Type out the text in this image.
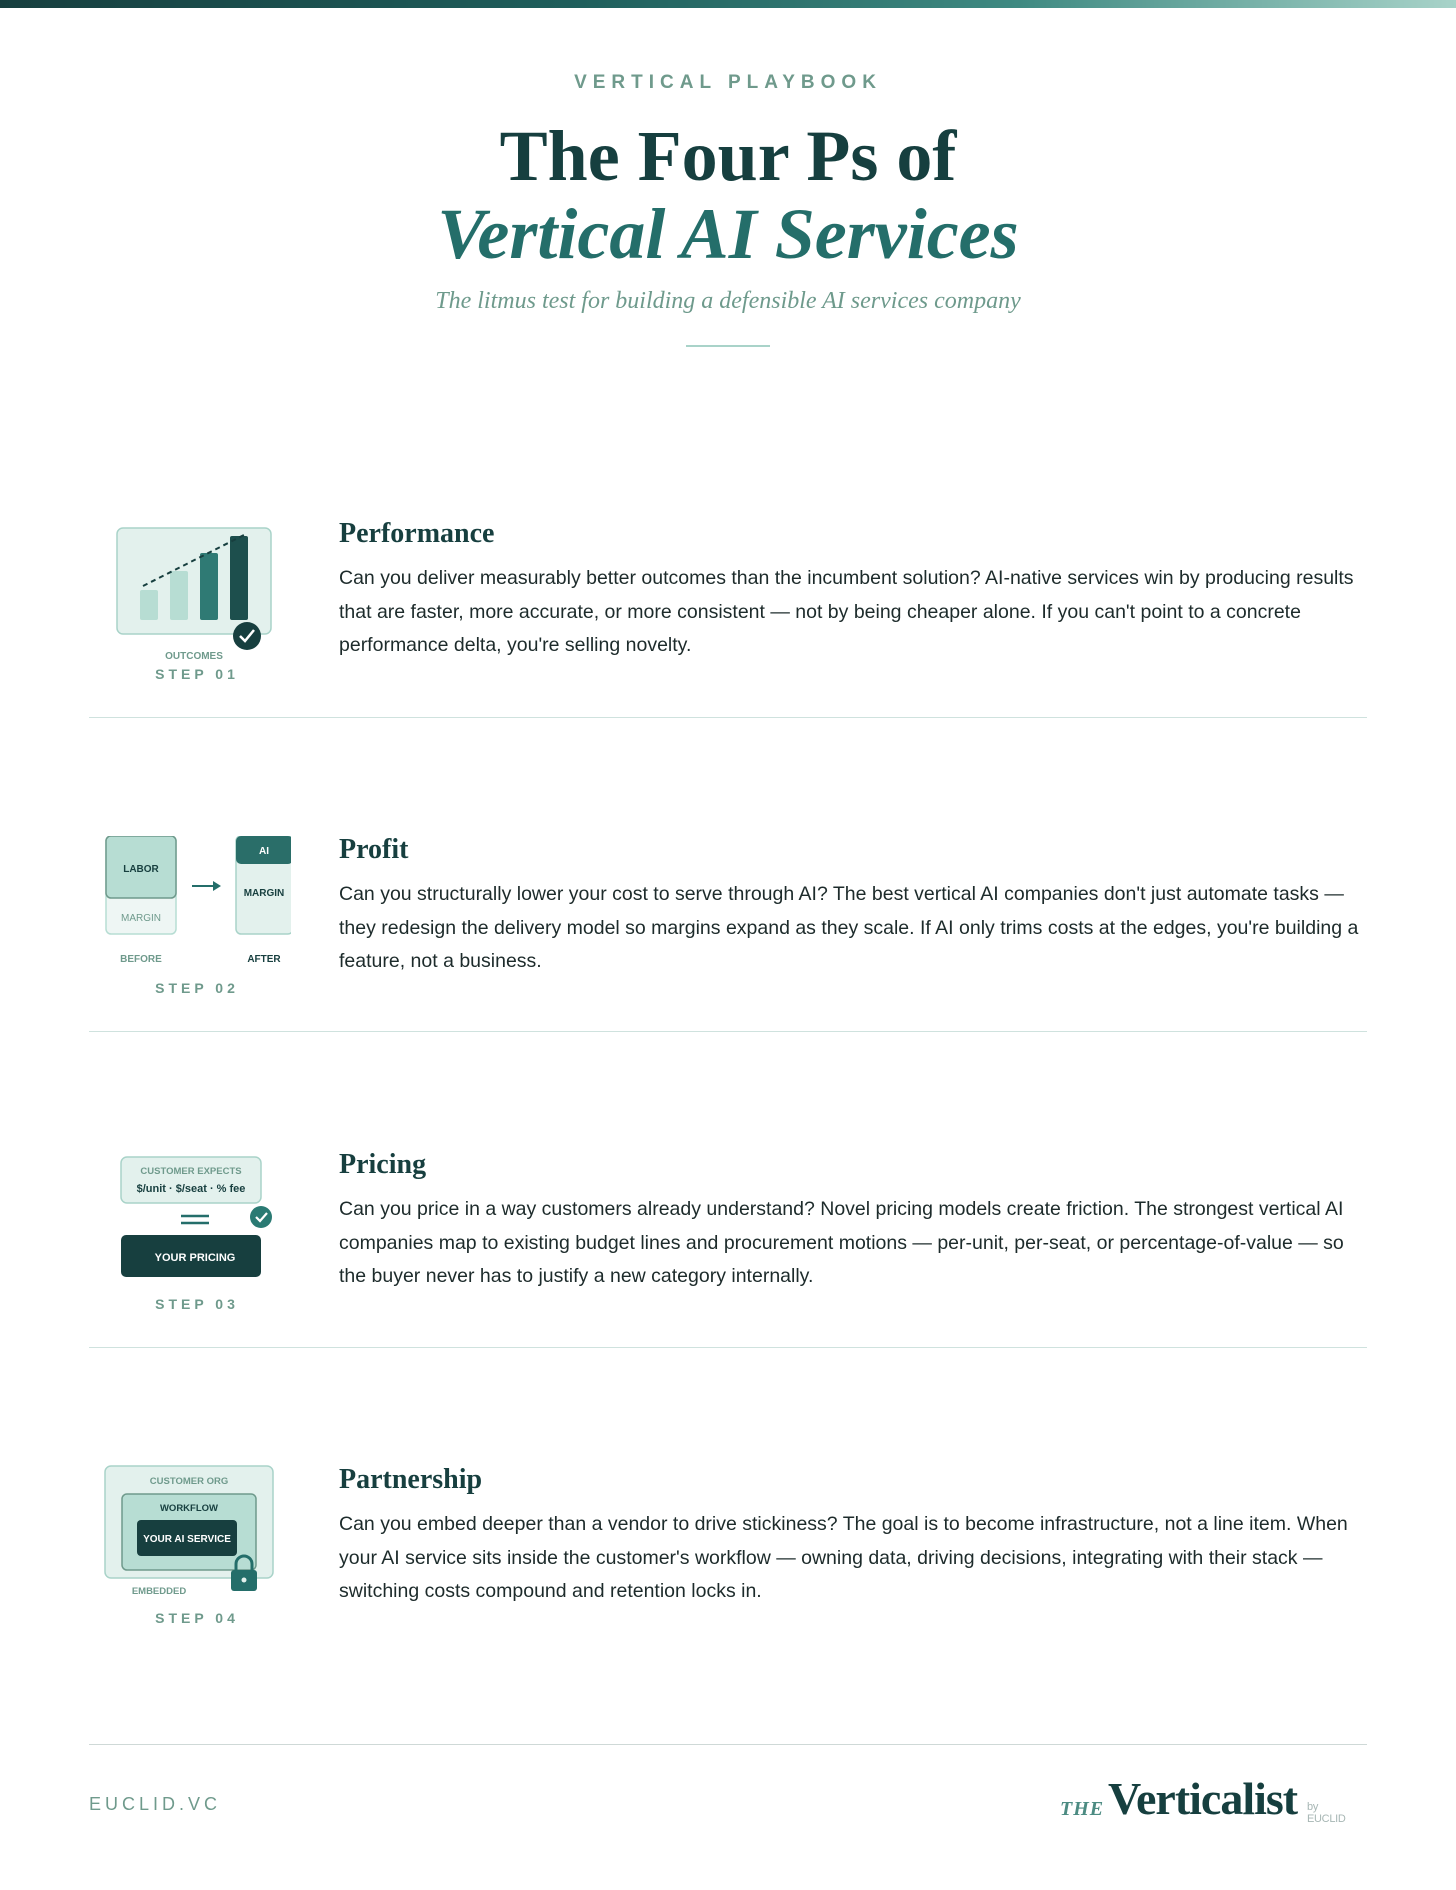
VERTICAL PLAYBOOK

The Four Ps of
Vertical AI Services

The litmus test for building a defensible AI services company

OUTCOMES
STEP 01
Performance
Can you deliver measurably better outcomes than the incumbent solution? AI-native services win by producing results that are faster, more accurate, or more consistent — not by being cheaper alone. If you can't point to a concrete performance delta, you're selling novelty.
LABOR
MARGIN
AI
MARGIN
BEFORE	AFTER
STEP 02
Profit
Can you structurally lower your cost to serve through AI? The best vertical AI companies don't just automate tasks — they redesign the delivery model so margins expand as they scale. If AI only trims costs at the edges, you're building a feature, not a business.
CUSTOMER EXPECTS
$/unit · $/seat · % fee
YOUR PRICING
STEP 03
Pricing
Can you price in a way customers already understand? Novel pricing models create friction. The strongest vertical AI companies map to existing budget lines and procurement motions — per-unit, per-seat, or percentage-of-value — so the buyer never has to justify a new category internally.
CUSTOMER ORG
WORKFLOW
YOUR AI SERVICE
EMBEDDED
STEP 04
Partnership
Can you embed deeper than a vendor to drive stickiness? The goal is to become infrastructure, not a line item. When your AI service sits inside the customer's workflow — owning data, driving decisions, integrating with their stack — switching costs compound and retention locks in.
EUCLID.VC	THE Verticalist by EUCLID
